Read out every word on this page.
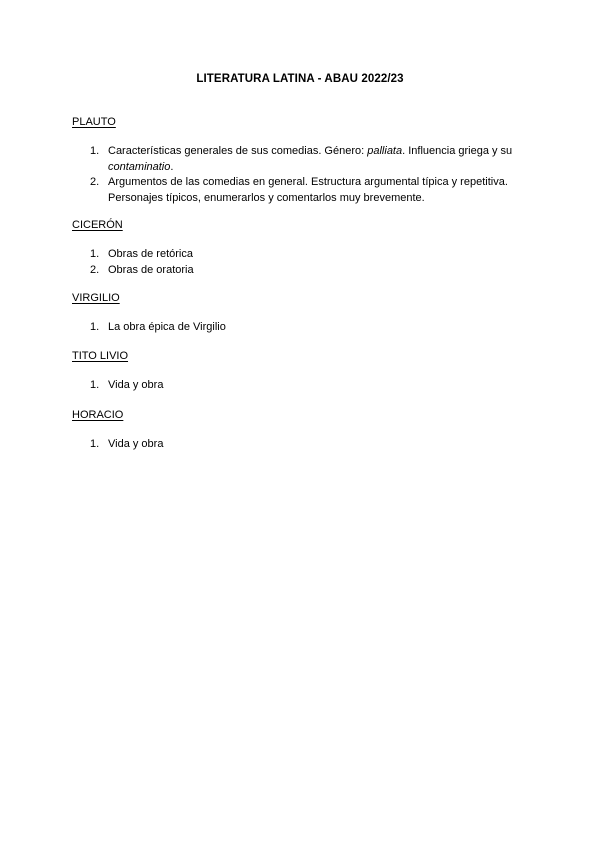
LITERATURA LATINA - ABAU 2022/23
PLAUTO
1. Características generales de sus comedias. Género: palliata. Influencia griega y su contaminatio.
2. Argumentos de las comedias en general. Estructura argumental típica y repetitiva. Personajes típicos, enumerarlos y comentarlos muy brevemente.
CICERÓN
1. Obras de retórica
2. Obras de oratoria
VIRGILIO
1. La obra épica de Virgilio
TITO LIVIO
1. Vida y obra
HORACIO
1. Vida y obra
